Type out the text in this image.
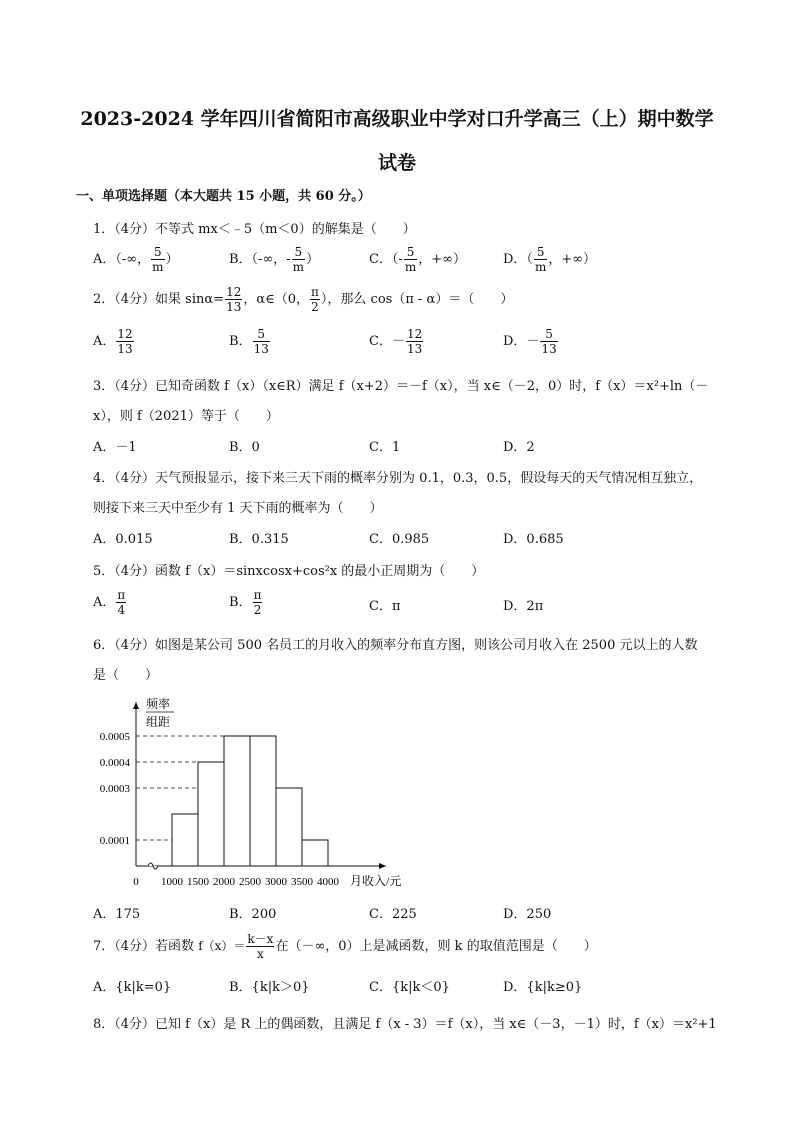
2023-2024 学年四川省简阳市高级职业中学对口升学高三（上）期中数学
试卷
一、单项选择题（本大题共 15 小题，共 60 分。）
1．（4分）不等式 mx＜﹣5（m＜0）的解集是（　　）
A．（-∞， $\frac{5}{m}$ ）	B．（-∞，- $\frac{5}{m}$ ）	C．（- $\frac{5}{m}$ ，+∞）	D．（ $\frac{5}{m}$ ，+∞）
2．（4分）如果 $\sin\alpha= \frac{12}{13}$ ，α∈（0， $\frac{\pi}{2}$ ），那么 cos（π - α）＝（　　）
A． $\frac{12}{13}$	B． $\frac{5}{13}$	C．－ $\frac{12}{13}$	D．－ $\frac{5}{13}$
3．（4分）已知奇函数 f（x）（x∈R）满足 f（x+2）＝－f（x），当 x∈（－2，0）时，f（x）＝x²+ln（－
x），则 f（2021）等于（　　）
A．－1	B．0	C．1	D．2
4．（4分）天气预报显示，接下来三天下雨的概率分别为 0.1，0.3，0.5，假设每天的天气情况相互独立，
则接下来三天中至少有 1 天下雨的概率为（　　）
A．0.015	B．0.315	C．0.985	D．0.685
5．（4分）函数 f（x）＝sinxcosx+cos²x 的最小正周期为（　　）
A． $\frac{\pi}{4}$	B． $\frac{\pi}{2}$	C．π	D．2π
6．（4分）如图是某公司 500 名员工的月收入的频率分布直方图，则该公司月收入在 2500 元以上的人数
是（　　）
频率
组距
月收入/元
0
0.0005
0.0004
0.0003
0.0001
1000 1500 2000 2500 3000 3500 4000
A．175	B．200	C．225	D．250
7．（4分）若函数 $f(x)= \frac{k-x}{x}$ 在（－∞，0）上是减函数，则 k 的取值范围是（　　）
A．{k|k=0}	B．{k|k＞0}	C．{k|k＜0}	D．{k|k≥0}
8．（4分）已知 f（x）是 R 上的偶函数，且满足 f（x - 3）＝f（x），当 x∈（－3，－1）时，f（x）＝x²+1
